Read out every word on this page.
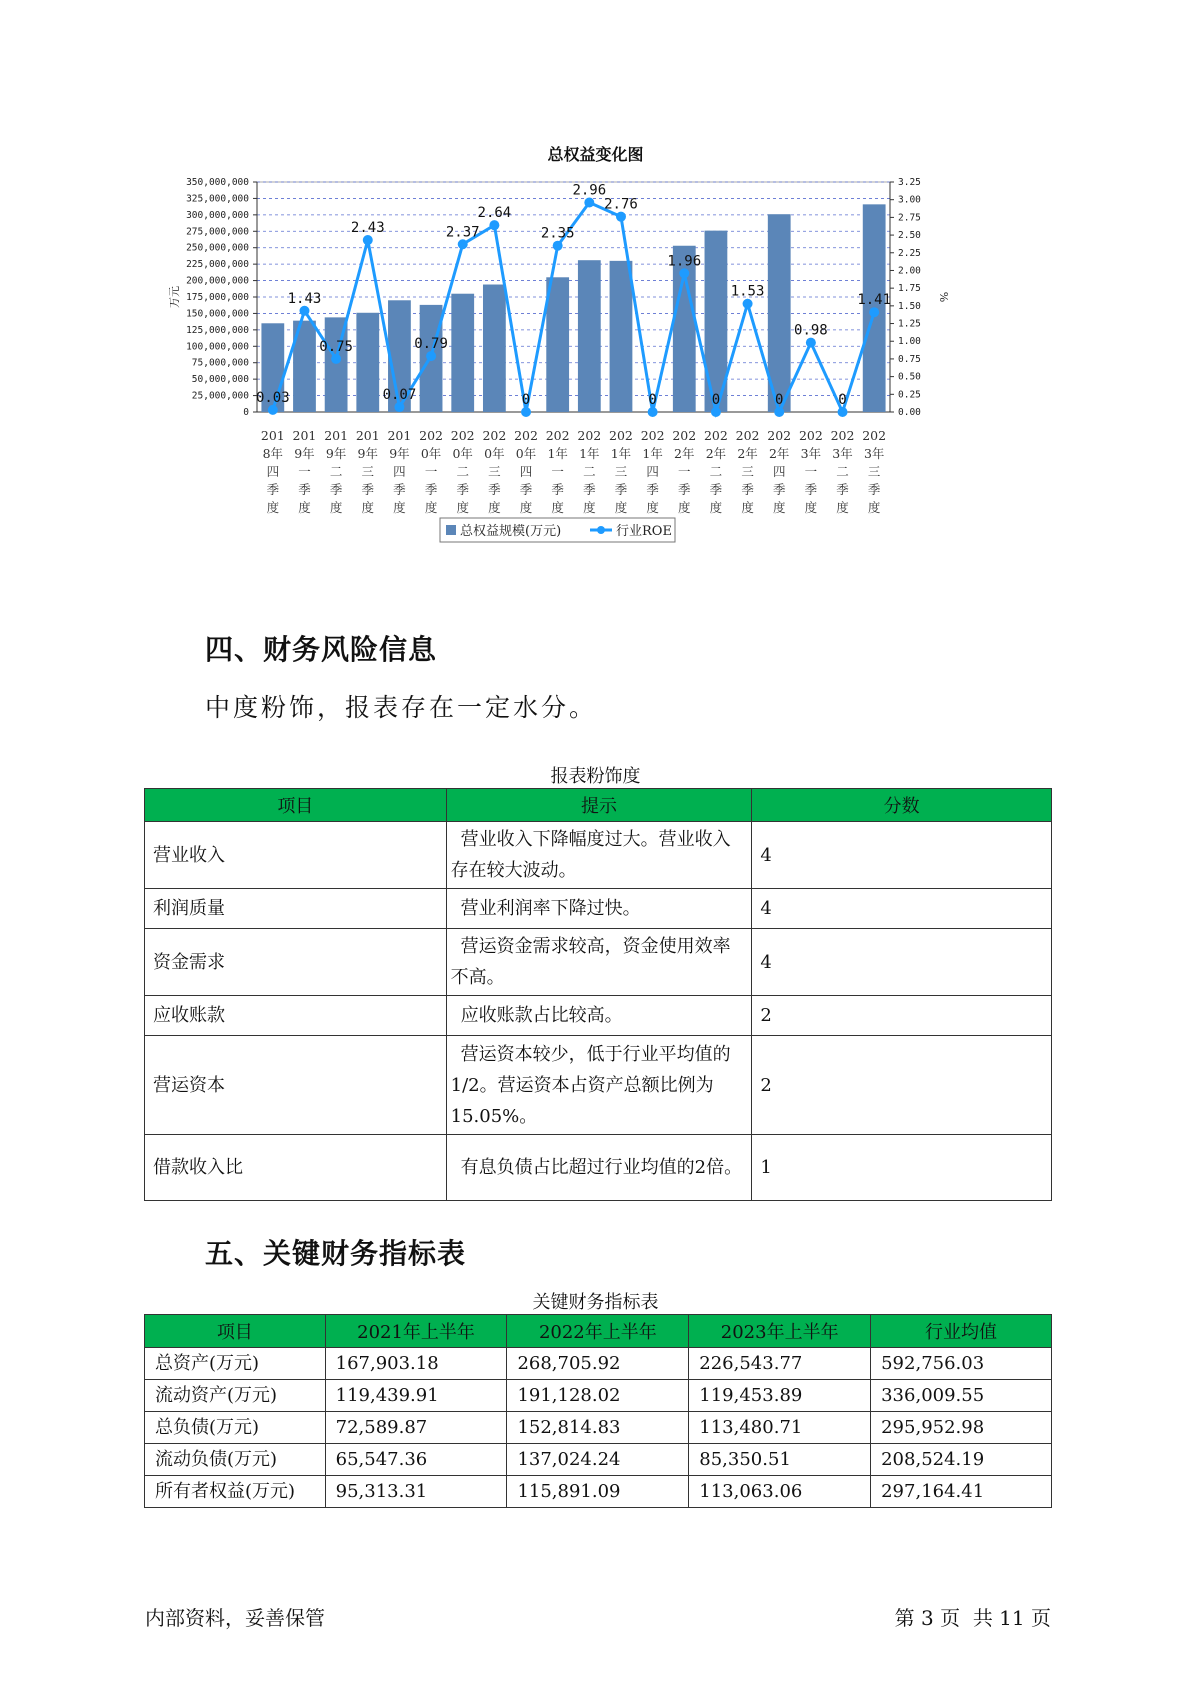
总权益变化图
350,000,000
325,000,000
300,000,000
275,000,000
250,000,000
225,000,000
200,000,000
175,000,000
150,000,000
125,000,000
100,000,000
75,000,000
50,000,000
25,000,000
0
3.25
3.00
2.75
2.50
2.25
2.00
1.75
1.50
1.25
1.00
0.75
0.50
0.25
0.00
万元	%
0.03
1.43
0.75
2.43
0.07
0.79
2.37
2.64
0
2.35
2.96
2.76
0
1.96
0
1.53
0
0.98
0
1.41
201
8年
四
季
度
201
9年
一
季
度
201
9年
二
季
度
201
9年
三
季
度
201
9年
四
季
度
202
0年
一
季
度
202
0年
二
季
度
202
0年
三
季
度
202
0年
四
季
度
202
1年
一
季
度
202
1年
二
季
度
202
1年
三
季
度
202
1年
四
季
度
202
2年
一
季
度
202
2年
二
季
度
202
2年
三
季
度
202
2年
四
季
度
202
3年
一
季
度
202
3年
二
季
度
202
3年
三
季
度
总权益规模(万元)	行业ROE
四、财务风险信息
中度粉饰，报表存在一定水分。
报表粉饰度
项目	提示	分数
营业收入	营业收入下降幅度过大。营业收入存在较大波动。	4
利润质量	营业利润率下降过快。	4
资金需求	营运资金需求较高，资金使用效率不高。	4
应收账款	应收账款占比较高。	2
营运资本	营运资本较少，低于行业平均值的1/2。营运资本占资产总额比例为15.05%。	2
借款收入比	有息负债占比超过行业均值的2倍。	1
五、关键财务指标表
关键财务指标表
项目	2021年上半年	2022年上半年	2023年上半年	行业均值
总资产(万元)	167,903.18	268,705.92	226,543.77	592,756.03
流动资产(万元)	119,439.91	191,128.02	119,453.89	336,009.55
总负债(万元)	72,589.87	152,814.83	113,480.71	295,952.98
流动负债(万元)	65,547.36	137,024.24	85,350.51	208,524.19
所有者权益(万元)	95,313.31	115,891.09	113,063.06	297,164.41
内部资料，妥善保管	第 3 页  共 11 页
